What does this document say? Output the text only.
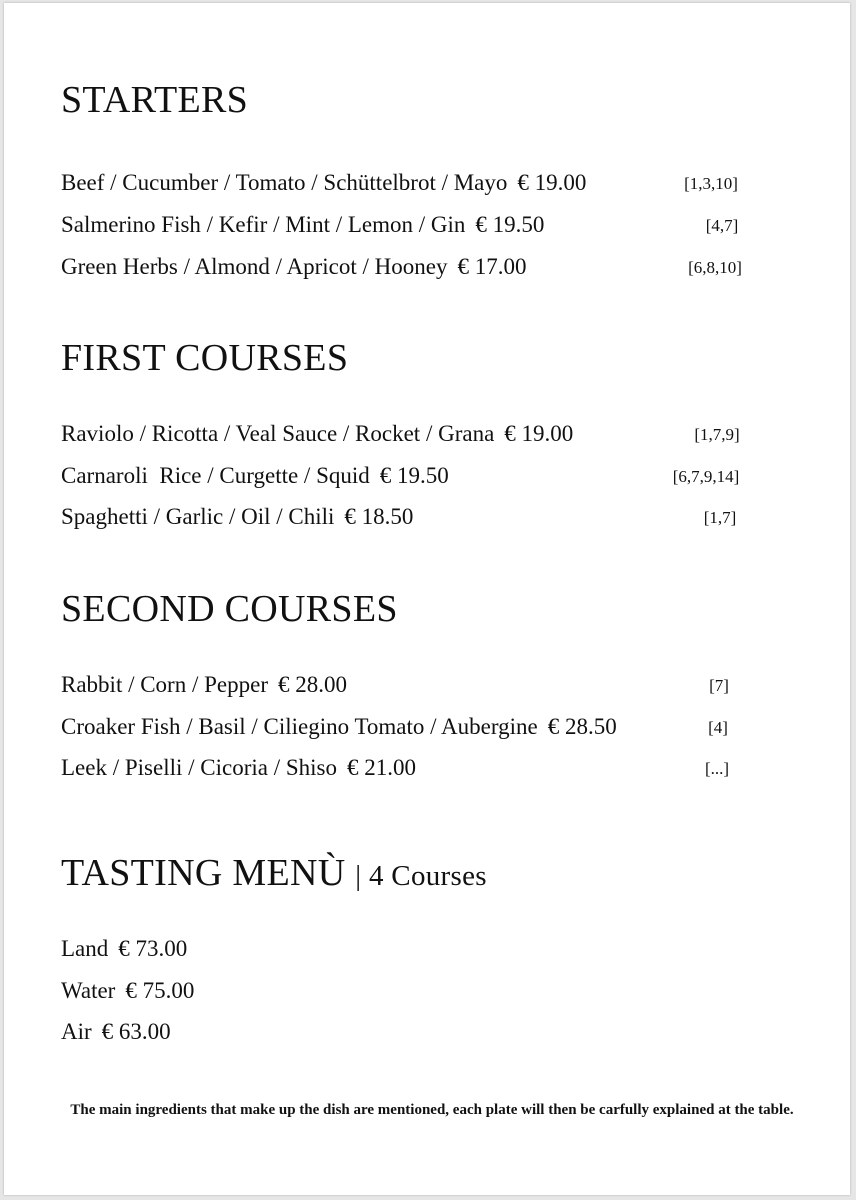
STARTERS
Beef / Cucumber / Tomato / Schüttelbrot / Mayo € 19.00	[1,3,10]
Salmerino Fish / Kefir / Mint / Lemon / Gin € 19.50	[4,7]
Green Herbs / Almond / Apricot / Hooney € 17.00	[6,8,10]
FIRST COURSES
Raviolo / Ricotta / Veal Sauce / Rocket / Grana € 19.00	[1,7,9]
Carnaroli  Rice / Curgette / Squid € 19.50	[6,7,9,14]
Spaghetti / Garlic / Oil / Chili € 18.50	[1,7]
SECOND COURSES
Rabbit / Corn / Pepper € 28.00	[7]
Croaker Fish / Basil / Ciliegino Tomato / Aubergine € 28.50	[4]
Leek / Piselli / Cicoria / Shiso € 21.00	[...]
TASTING MENÙ | 4 Courses
Land € 73.00
Water € 75.00
Air € 63.00
The main ingredients that make up the dish are mentioned, each plate will then be carfully explained at the table.
